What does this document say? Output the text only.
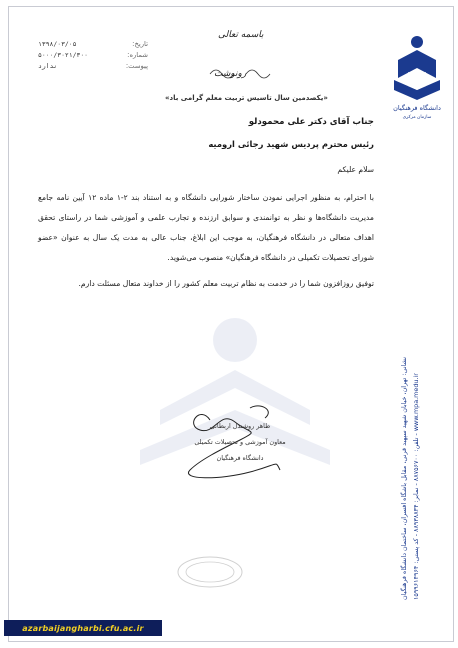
دانشگاه فرهنگیان
سازمان مرکزی
نشانی: تهران، خیابان شهید سپهبد قرنی، مقابل باشگاه افسران، ساختمان دانشگاه فرهنگیان تلفن: ۸۸۷۵۶۷۰۰ - نمابر: ۸۸۹۳۸۸۳۴ - کد پستی: ۱۵۹۹۶۱۴۹۶۴ - www.mpa.medu.ir
تاریخ:
۱۳۹۸/۰۳/۰۵
شماره:
۵۰۰۰/۳۰۲۱/۳۰۰
پیوست:
ندارد
باسمه تعالی
رونوشت
«یکصدمین سال تاسیس تربیت معلم گرامی باد»

جناب آقای دکتر علی محمودلو

رئیس محترم پردیس شهید رجائی ارومیه

سلام علیکم

با احترام، به منظور اجرایی نمودن ساختار شورایی دانشگاه و به استناد بند ۲-۱ ماده ۱۲ آیین نامه جامع مدیریت دانشگاه‌ها و نظر به توانمندی و سوابق ارزنده و تجارب علمی و آموزشی شما در راستای تحقق اهداف متعالی در دانشگاه فرهنگیان، به موجب این ابلاغ، جناب عالی به مدت یک سال به عنوان «عضو شورای تحصیلات تکمیلی در دانشگاه فرهنگیان» منصوب می‌شوید.

توفیق روزافزون شما را در خدمت به نظام تربیت معلم کشور را از خداوند متعال مسئلت دارم.

طاهر روشندل اربطانی
معاون آموزشی و تحصیلات تکمیلی
دانشگاه فرهنگیان
azarbaijangharbi.cfu.ac.ir
